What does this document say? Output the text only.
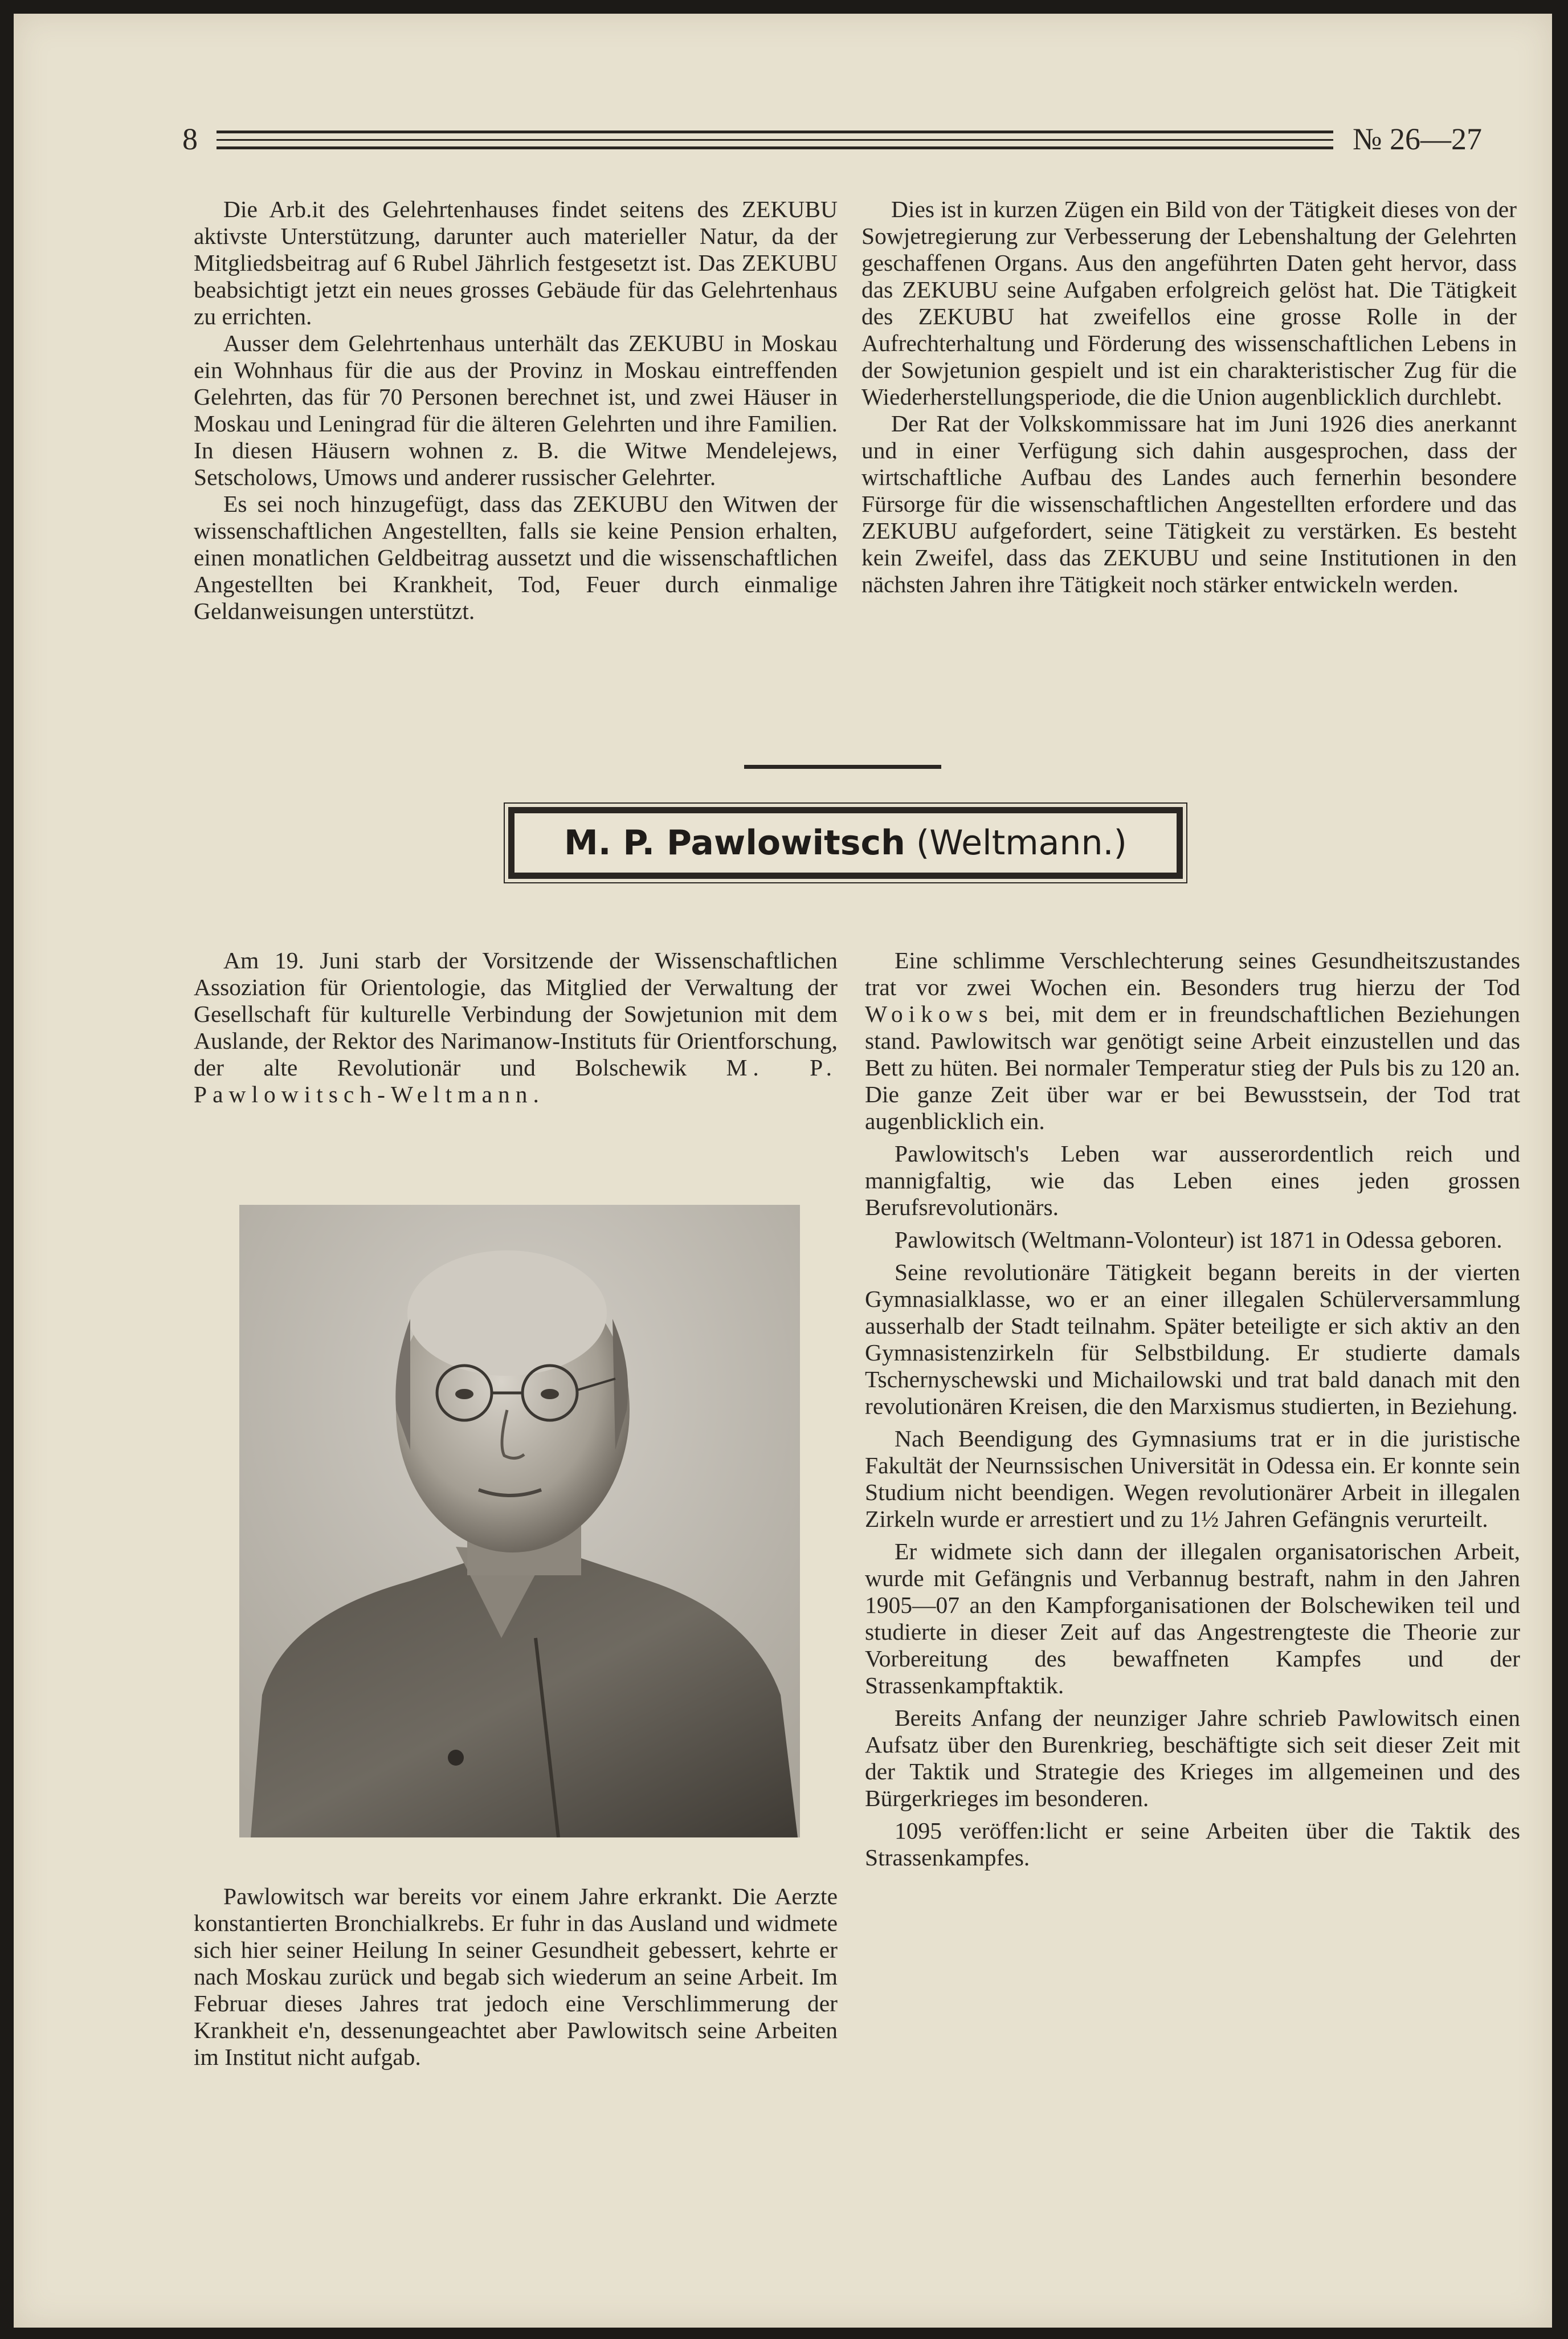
8	№ 26—27

Die Arb.it des Gelehrtenhauses findet seitens des ZEKUBU aktivste Unterstützung, darunter auch materieller Natur, da der Mitgliedsbeitrag auf 6 Rubel Jährlich festgesetzt ist. Das ZEKUBU beabsichtigt jetzt ein neues grosses Gebäude für das Gelehrtenhaus zu errichten.

Ausser dem Gelehrtenhaus unterhält das ZEKUBU in Moskau ein Wohnhaus für die aus der Provinz in Moskau eintreffenden Gelehrten, das für 70 Personen berechnet ist, und zwei Häuser in Moskau und Leningrad für die älteren Gelehrten und ihre Familien. In diesen Häusern wohnen z. B. die Witwe Mendelejews, Setscholows, Umows und anderer russischer Gelehrter.

Es sei noch hinzugefügt, dass das ZEKUBU den Witwen der wissenschaftlichen Angestellten, falls sie keine Pension erhalten, einen monatlichen Geldbeitrag aussetzt und die wissenschaftlichen Angestellten bei Krankheit, Tod, Feuer durch einmalige Geldanweisungen unterstützt.

Dies ist in kurzen Zügen ein Bild von der Tätigkeit dieses von der Sowjetregierung zur Verbesserung der Lebenshaltung der Gelehrten geschaffenen Organs. Aus den angeführten Daten geht hervor, dass das ZEKUBU seine Aufgaben erfolgreich gelöst hat. Die Tätigkeit des ZEKUBU hat zweifellos eine grosse Rolle in der Aufrechterhaltung und Förderung des wissenschaftlichen Lebens in der Sowjetunion gespielt und ist ein charakteristischer Zug für die Wiederherstellungsperiode, die die Union augenblicklich durchlebt.

Der Rat der Volkskommissare hat im Juni 1926 dies anerkannt und in einer Verfügung sich dahin ausgesprochen, dass der wirtschaftliche Aufbau des Landes auch fernerhin besondere Fürsorge für die wissenschaftlichen Angestellten erfordere und das ZEKUBU aufgefordert, seine Tätigkeit zu verstärken. Es besteht kein Zweifel, dass das ZEKUBU und seine Institutionen in den nächsten Jahren ihre Tätigkeit noch stärker entwickeln werden.

M. P. Pawlowitsch (Weltmann.)

Am 19. Juni starb der Vorsitzende der Wissenschaftlichen Assoziation für Orientologie, das Mitglied der Verwaltung der Gesellschaft für kulturelle Verbindung der Sowjetunion mit dem Auslande, der Rektor des Narimanow-Instituts für Orientforschung, der alte Revolutionär und Bolschewik M. P. Pawlowitsch-Weltmann.

Pawlowitsch war bereits vor einem Jahre erkrankt. Die Aerzte konstantierten Bronchialkrebs. Er fuhr in das Ausland und widmete sich hier seiner Heilung In seiner Gesundheit gebessert, kehrte er nach Moskau zurück und begab sich wiederum an seine Arbeit. Im Februar dieses Jahres trat jedoch eine Verschlimmerung der Krankheit e'n, dessenungeachtet aber Pawlowitsch seine Arbeiten im Institut nicht aufgab.

Eine schlimme Verschlechterung seines Gesundheitszustandes trat vor zwei Wochen ein. Besonders trug hierzu der Tod Woikows bei, mit dem er in freundschaftlichen Beziehungen stand. Pawlowitsch war genötigt seine Arbeit einzustellen und das Bett zu hüten. Bei normaler Temperatur stieg der Puls bis zu 120 an. Die ganze Zeit über war er bei Bewusstsein, der Tod trat augenblicklich ein.

Pawlowitsch's Leben war ausserordentlich reich und mannigfaltig, wie das Leben eines jeden grossen Berufsrevolutionärs.

Pawlowitsch (Weltmann-Volonteur) ist 1871 in Odessa geboren.

Seine revolutionäre Tätigkeit begann bereits in der vierten Gymnasialklasse, wo er an einer illegalen Schülerversammlung ausserhalb der Stadt teilnahm. Später beteiligte er sich aktiv an den Gymnasistenzirkeln für Selbstbildung. Er studierte damals Tschernyschewski und Michailowski und trat bald danach mit den revolutionären Kreisen, die den Marxismus studierten, in Beziehung.

Nach Beendigung des Gymnasiums trat er in die juristische Fakultät der Neurnssischen Universität in Odessa ein. Er konnte sein Studium nicht beendigen. Wegen revolutionärer Arbeit in illegalen Zirkeln wurde er arrestiert und zu 1½ Jahren Gefängnis verurteilt.

Er widmete sich dann der illegalen organisatorischen Arbeit, wurde mit Gefängnis und Verbannug bestraft, nahm in den Jahren 1905—07 an den Kampforganisationen der Bolschewiken teil und studierte in dieser Zeit auf das Angestrengteste die Theorie zur Vorbereitung des bewaffneten Kampfes und der Strassenkampftaktik.

Bereits Anfang der neunziger Jahre schrieb Pawlowitsch einen Aufsatz über den Burenkrieg, beschäftigte sich seit dieser Zeit mit der Taktik und Strategie des Krieges im allgemeinen und des Bürgerkrieges im besonderen.

1095 veröffen:licht er seine Arbeiten über die Taktik des Strassenkampfes.
